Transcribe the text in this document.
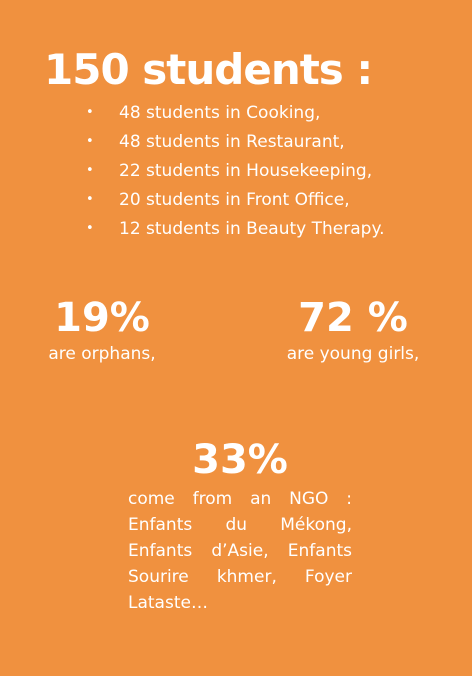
150 students :
•	48 students in Cooking,
•	48 students in Restaurant,
•	22 students in Housekeeping,
•	20 students in Front Office,
•	12 students in Beauty Therapy.
19%
are orphans,
72 %
are young girls,
33%
come from an NGO : Enfants du Mékong, Enfants d’Asie, Enfants Sourire khmer, Foyer Lataste…
